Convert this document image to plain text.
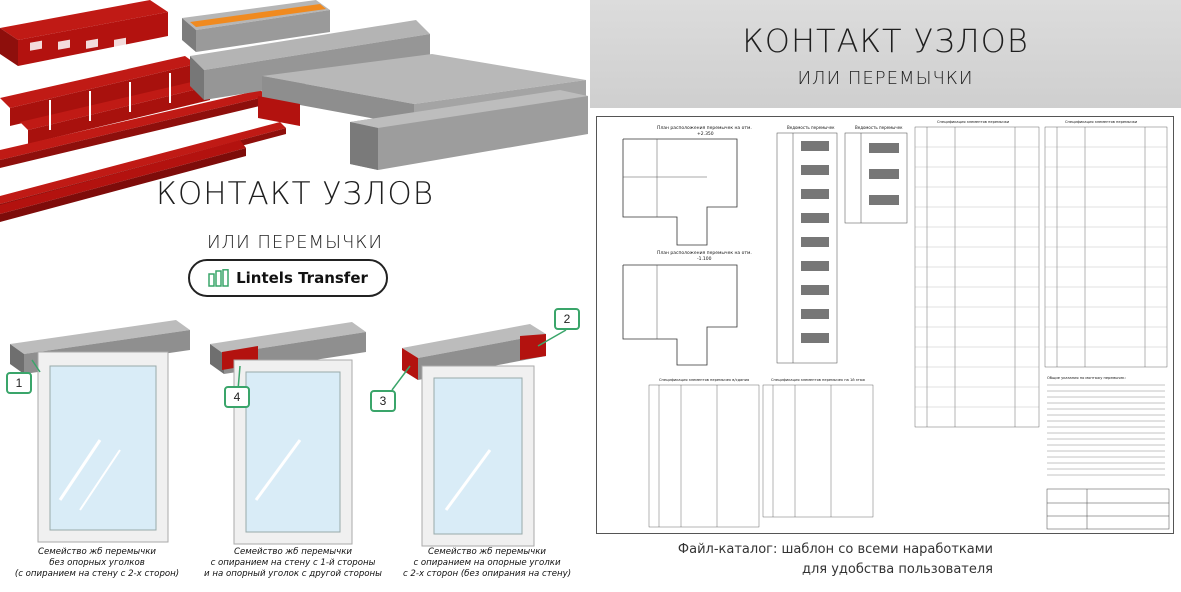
КОНТАКТ УЗЛОВ
ИЛИ ПЕРЕМЫЧКИ
Lintels Transfer
1
2
3
4
Семейство жб перемычки
без опорных уголков
(с опиранием на стену с 2-х сторон)
Семейство жб перемычки
с опиранием на стену с 1-й стороны
и на опорный уголок с другой стороны
Семейство жб перемычки
с опиранием на опорные уголки
с 2-х сторон (без опирания на стену)
КОНТАКТ УЗЛОВ
ИЛИ ПЕРЕМЫЧКИ
План расположения перемычек на отм.
+2.350
План расположения перемычек на отм.
-1.100
Ведомость перемычек	Ведомость перемычек
Спецификация элементов перемычки	Спецификация элементов перемычки
Общие указания по монтажу перемычек:
Спецификация элементов перемычек в/сдания	Спецификация элементов перемычек на 1й этаж
Файл-каталог: шаблон со всеми наработками
для удобства пользователя
